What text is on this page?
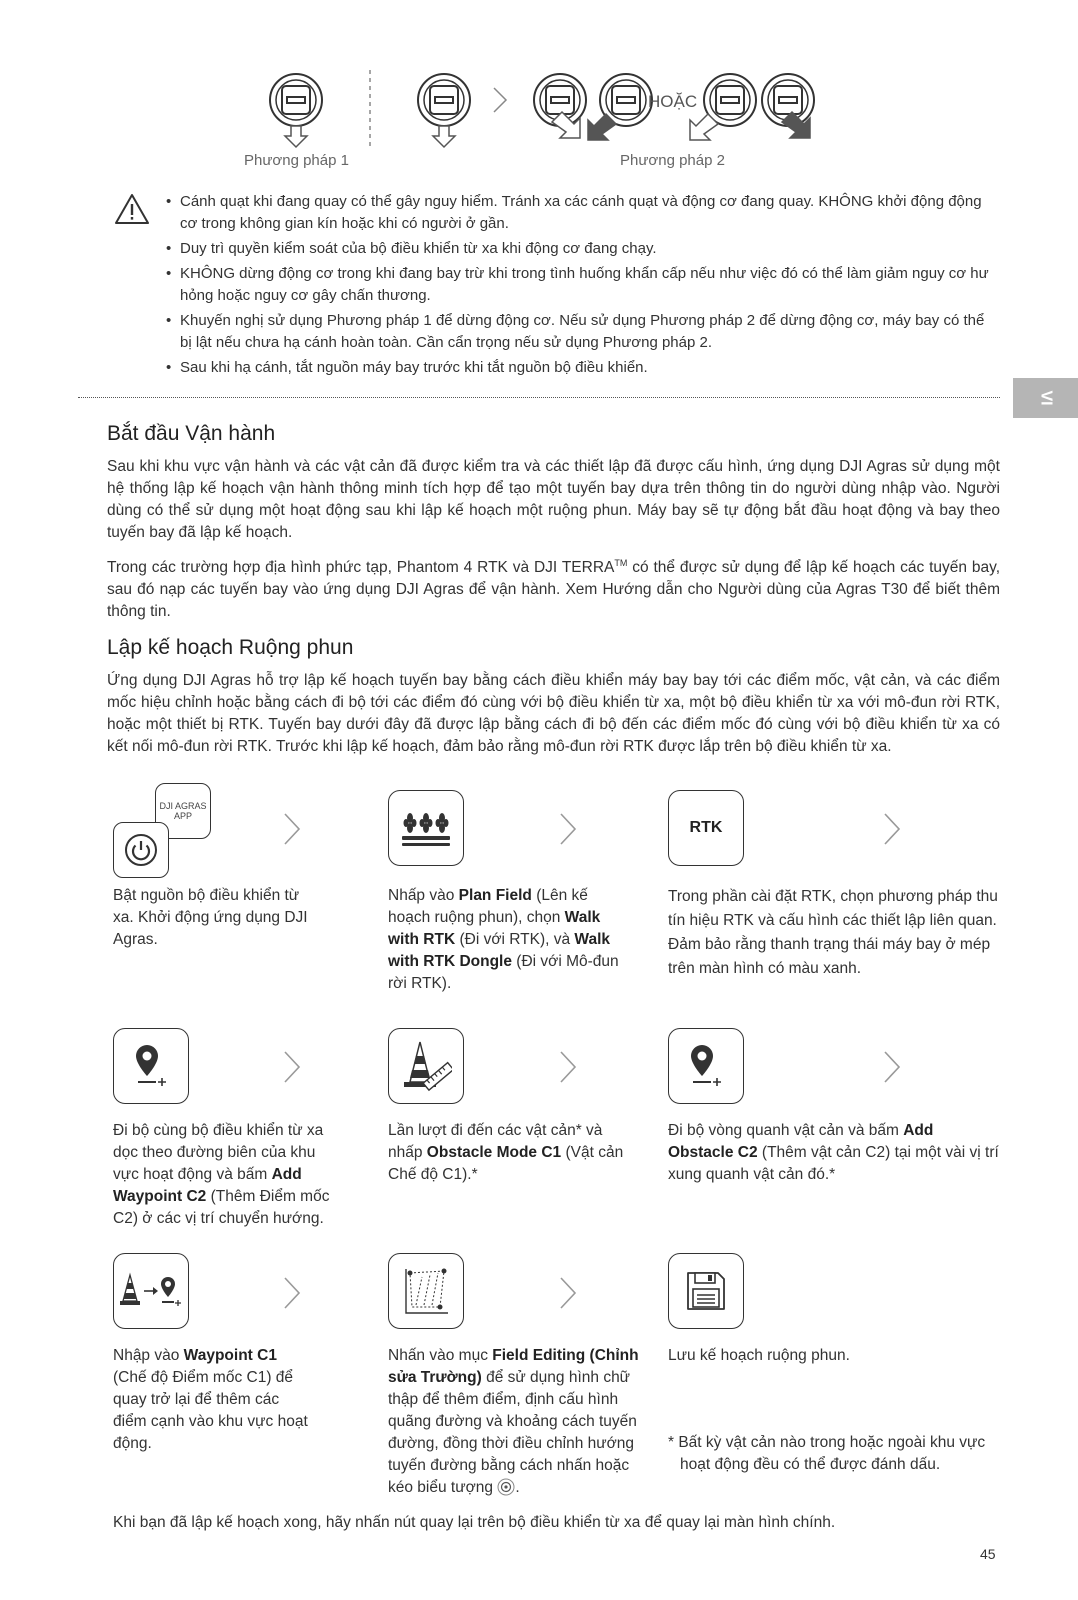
HOẶC
Phương pháp 1	Phương pháp 2
• Cánh quạt khi đang quay có thể gây nguy hiểm. Tránh xa các cánh quạt và động cơ đang quay. KHÔNG khởi động động cơ trong không gian kín hoặc khi có người ở gần.
• Duy trì quyền kiểm soát của bộ điều khiển từ xa khi động cơ đang chạy.
• KHÔNG dừng động cơ trong khi đang bay trừ khi trong tình huống khẩn cấp nếu như việc đó có thể làm giảm nguy cơ hư hỏng hoặc nguy cơ gây chấn thương.
• Khuyến nghị sử dụng Phương pháp 1 để dừng động cơ. Nếu sử dụng Phương pháp 2 để dừng động cơ, máy bay có thể bị lật nếu chưa hạ cánh hoàn toàn. Cần cẩn trọng nếu sử dụng Phương pháp 2.
• Sau khi hạ cánh, tắt nguồn máy bay trước khi tắt nguồn bộ điều khiển.
VI
Bắt đầu Vận hành

Sau khi khu vực vận hành và các vật cản đã được kiểm tra và các thiết lập đã được cấu hình, ứng dụng DJI Agras sử dụng một hệ thống lập kế hoạch vận hành thông minh tích hợp để tạo một tuyến bay dựa trên thông tin do người dùng nhập vào. Người dùng có thể sử dụng một hoạt động sau khi lập kế hoạch một ruộng phun. Máy bay sẽ tự động bắt đầu hoạt động và bay theo tuyến bay đã lập kế hoạch.

Trong các trường hợp địa hình phức tạp, Phantom 4 RTK và DJI TERRA™ có thể được sử dụng để lập kế hoạch các tuyến bay, sau đó nạp các tuyến bay vào ứng dụng DJI Agras để vận hành. Xem Hướng dẫn cho Người dùng của Agras T30 để biết thêm thông tin.

Lập kế hoạch Ruộng phun

Ứng dụng DJI Agras hỗ trợ lập kế hoạch tuyến bay bằng cách điều khiển máy bay bay tới các điểm mốc, vật cản, và các điểm mốc hiệu chỉnh hoặc bằng cách đi bộ tới các điểm đó cùng với bộ điều khiển từ xa, một bộ điều khiển từ xa với mô-đun rời RTK, hoặc một thiết bị RTK. Tuyến bay dưới đây đã được lập bằng cách đi bộ đến các điểm mốc đó cùng với bộ điều khiển từ xa có kết nối mô-đun rời RTK. Trước khi lập kế hoạch, đảm bảo rằng mô-đun rời RTK được lắp trên bộ điều khiển từ xa.

DJI AGRAS
APP

Bật nguồn bộ điều khiển từ xa. Khởi động ứng dụng DJI Agras.

Nhấp vào Plan Field (Lên kế hoạch ruộng phun), chọn Walk with RTK (Đi với RTK), và Walk with RTK Dongle (Đi với Mô-đun rời RTK).

RTK

Trong phần cài đặt RTK, chọn phương pháp thu tín hiệu RTK và cấu hình các thiết lập liên quan. Đảm bảo rằng thanh trạng thái máy bay ở mép trên màn hình có màu xanh.

Đi bộ cùng bộ điều khiển từ xa dọc theo đường biên của khu vực hoạt động và bấm Add Waypoint C2 (Thêm Điểm mốc C2) ở các vị trí chuyển hướng.

Lần lượt đi đến các vật cản* và nhấp Obstacle Mode C1 (Vật cản Chế độ C1).*

Đi bộ vòng quanh vật cản và bấm Add Obstacle C2 (Thêm vật cản C2) tại một vài vị trí xung quanh vật cản đó.*

Nhập vào Waypoint C1 (Chế độ Điểm mốc C1) để quay trở lại để thêm các điểm cạnh vào khu vực hoạt động.

Nhấn vào mục Field Editing (Chỉnh sửa Trường) để sử dụng hình chữ thập để thêm điểm, định cấu hình quãng đường và khoảng cách tuyến đường, đồng thời điều chỉnh hướng tuyến đường bằng cách nhấn hoặc kéo biểu tượng .

Lưu kế hoạch ruộng phun.

* Bất kỳ vật cản nào trong hoặc ngoài khu vực hoạt động đều có thể được đánh dấu.

Khi bạn đã lập kế hoạch xong, hãy nhấn nút quay lại trên bộ điều khiển từ xa để quay lại màn hình chính.

45
